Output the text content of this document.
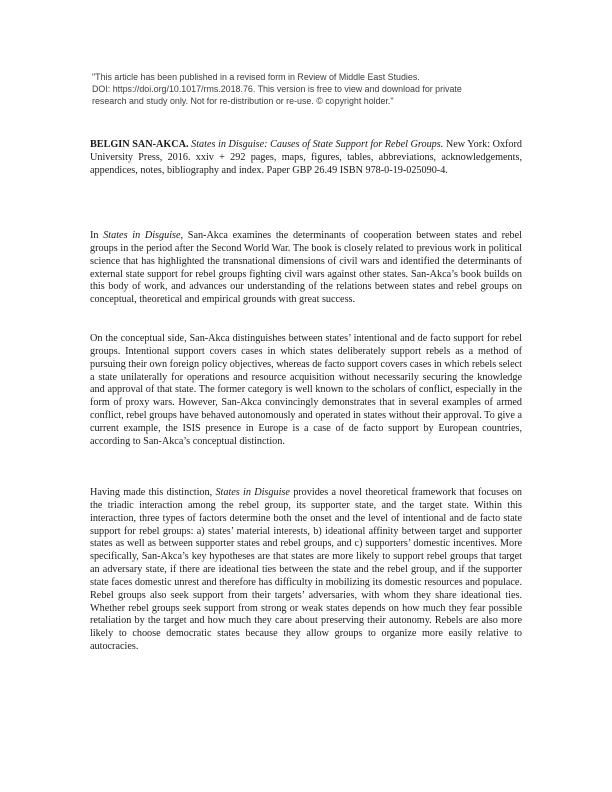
"This article has been published in a revised form in Review of Middle East Studies.
DOI: https://doi.org/10.1017/rms.2018.76. This version is free to view and download for private
research and study only. Not for re-distribution or re-use. © copyright holder."

BELGIN SAN-AKCA. States in Disguise: Causes of State Support for Rebel Groups. New York: Oxford University Press, 2016. xxiv + 292 pages, maps, figures, tables, abbreviations, acknowledgements, appendices, notes, bibliography and index. Paper GBP 26.49 ISBN 978-0-19-025090-4.

In States in Disguise, San-Akca examines the determinants of cooperation between states and rebel groups in the period after the Second World War. The book is closely related to previous work in political science that has highlighted the transnational dimensions of civil wars and identified the determinants of external state support for rebel groups fighting civil wars against other states. San-Akca’s book builds on this body of work, and advances our understanding of the relations between states and rebel groups on conceptual, theoretical and empirical grounds with great success.

On the conceptual side, San-Akca distinguishes between states’ intentional and de facto support for rebel groups. Intentional support covers cases in which states deliberately support rebels as a method of pursuing their own foreign policy objectives, whereas de facto support covers cases in which rebels select a state unilaterally for operations and resource acquisition without necessarily securing the knowledge and approval of that state. The former category is well known to the scholars of conflict, especially in the form of proxy wars. However, San-Akca convincingly demonstrates that in several examples of armed conflict, rebel groups have behaved autonomously and operated in states without their approval. To give a current example, the ISIS presence in Europe is a case of de facto support by European countries, according to San-Akca’s conceptual distinction.

Having made this distinction, States in Disguise provides a novel theoretical framework that focuses on the triadic interaction among the rebel group, its supporter state, and the target state. Within this interaction, three types of factors determine both the onset and the level of intentional and de facto state support for rebel groups: a) states’ material interests, b) ideational affinity between target and supporter states as well as between supporter states and rebel groups, and c) supporters’ domestic incentives. More specifically, San-Akca’s key hypotheses are that states are more likely to support rebel groups that target an adversary state, if there are ideational ties between the state and the rebel group, and if the supporter state faces domestic unrest and therefore has difficulty in mobilizing its domestic resources and populace. Rebel groups also seek support from their targets’ adversaries, with whom they share ideational ties. Whether rebel groups seek support from strong or weak states depends on how much they fear possible retaliation by the target and how much they care about preserving their autonomy. Rebels are also more likely to choose democratic states because they allow groups to organize more easily relative to autocracies.
